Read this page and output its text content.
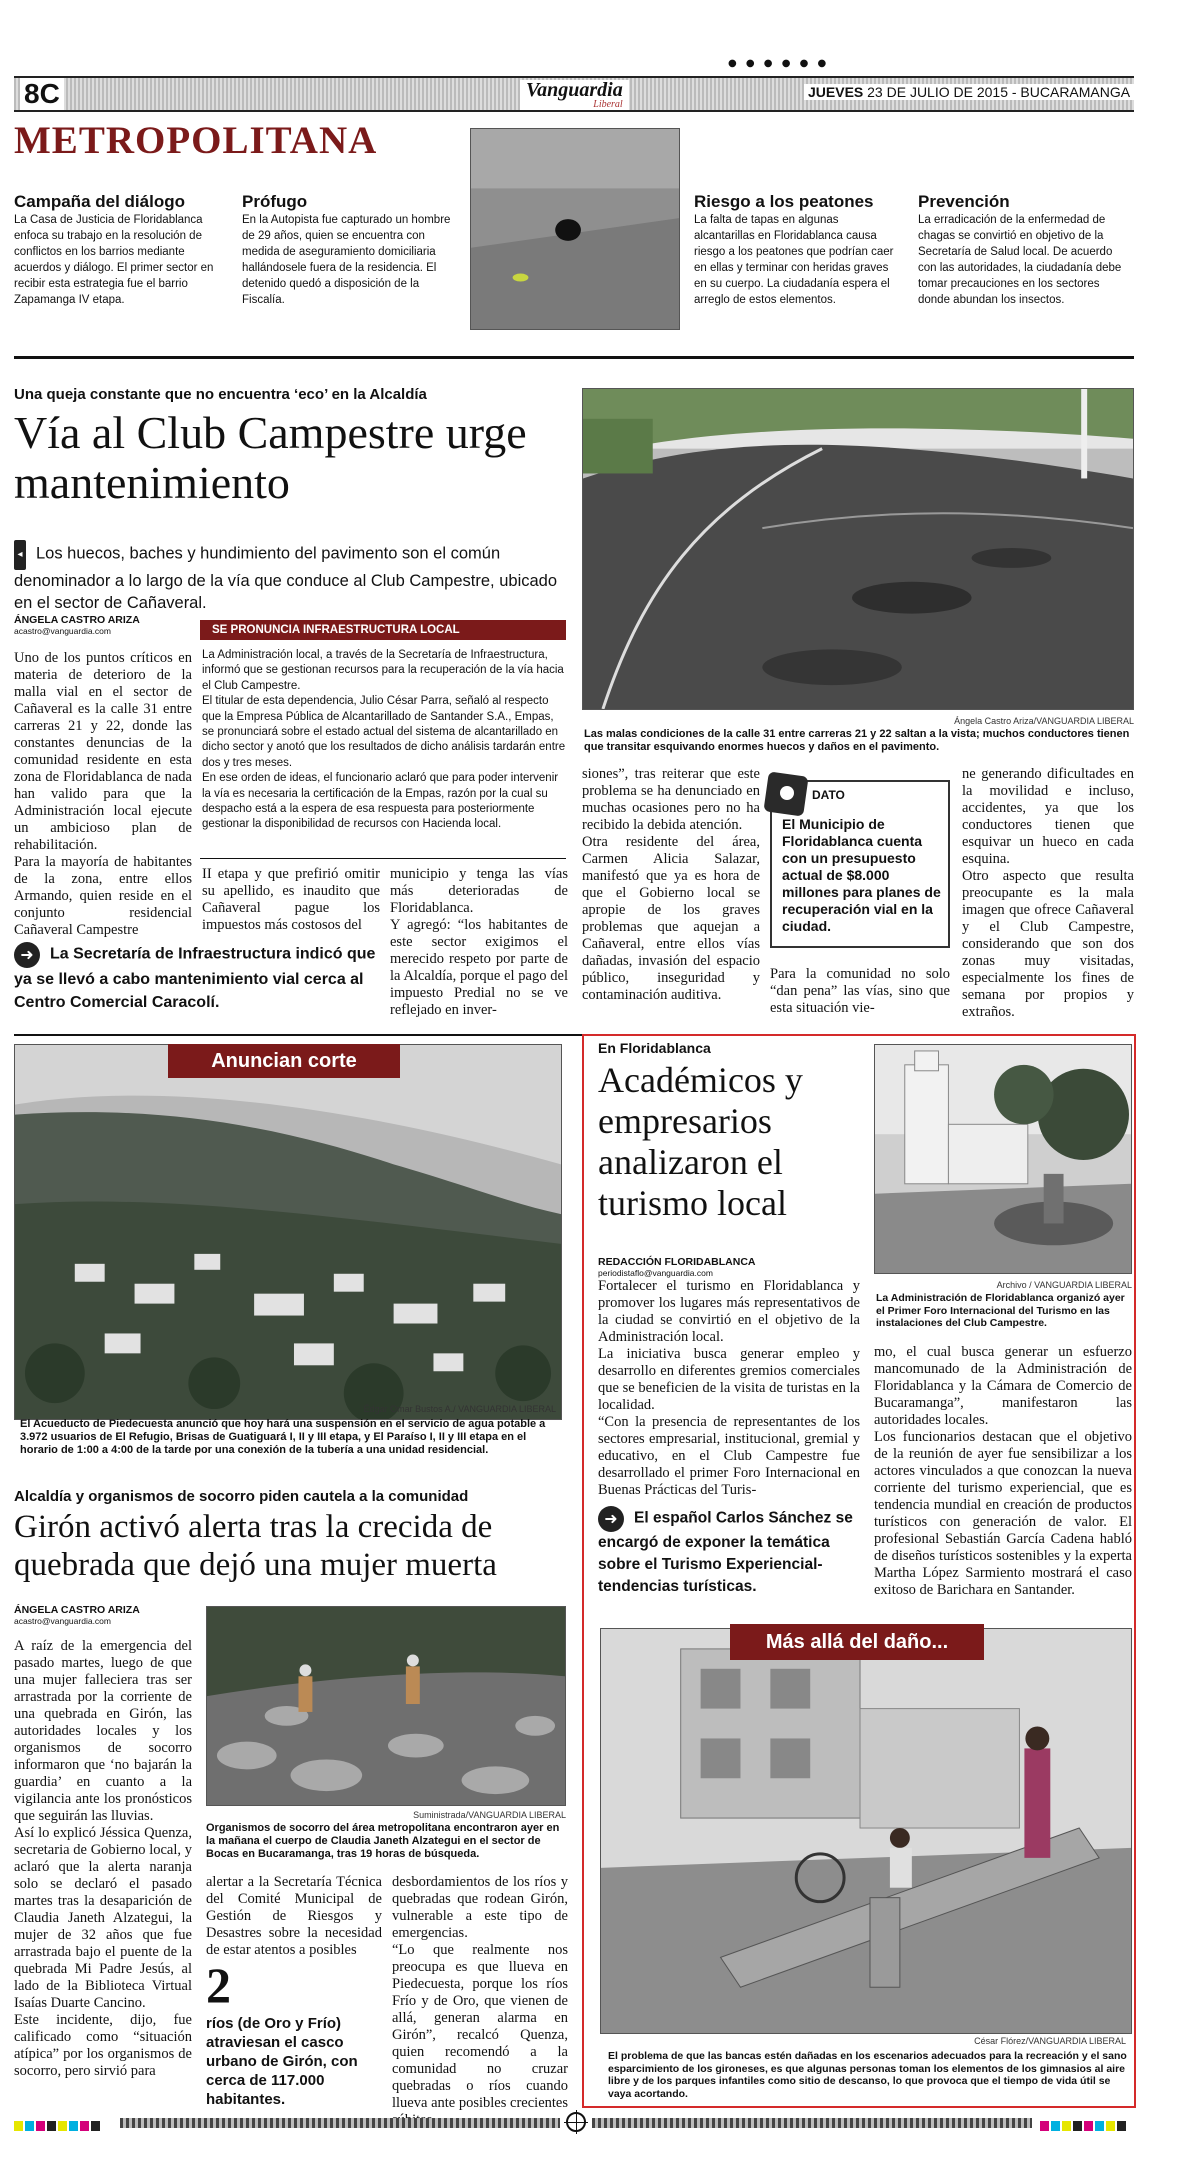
● ● ● ● ● ●
8C	Vanguardia
Liberal
JUEVES 23 DE JULIO DE 2015 - BUCARAMANGA
METROPOLITANA
Campaña del diálogo
La Casa de Justicia de Floridablanca enfoca su trabajo en la resolución de conflictos en los barrios mediante acuerdos y diálogo. El primer sector en recibir esta estrategia fue el barrio Zapamanga IV etapa.
Prófugo
En la Autopista fue capturado un hombre de 29 años, quien se encuentra con medida de aseguramiento domiciliaria hallándosele fuera de la residencia. El detenido quedó a disposición de la Fiscalía.
Riesgo a los peatones
La falta de tapas en algunas alcantarillas en Floridablanca causa riesgo a los peatones que podrían caer en ellas y terminar con heridas graves en su cuerpo. La ciudadanía espera el arreglo de estos elementos.
Prevención
La erradicación de la enfermedad de chagas se convirtió en objetivo de la Secretaría de Salud local. De acuerdo con las autoridades, la ciudadanía debe tomar precauciones en los sectores donde abundan los insectos.
Una queja constante que no encuentra ‘eco’ en la Alcaldía
Vía al Club Campestre urge mantenimiento
◂ Los huecos, baches y hundimiento del pavimento son el común denominador a lo largo de la vía que conduce al Club Campestre, ubicado en el sector de Cañaveral.
ÁNGELA CASTRO ARIZA
acastro@vanguardia.com
Uno de los puntos críticos en materia de deterioro de la malla vial en el sector de Cañaveral es la calle 31 entre carreras 21 y 22, donde las constantes denuncias de la comunidad residente en esta zona de Floridablanca de nada han valido para que la Administración local ejecute un ambicioso plan de rehabilitación.
Para la mayoría de habitantes de la zona, entre ellos Armando, quien reside en el conjunto residencial Cañaveral Campestre
SE PRONUNCIA INFRAESTRUCTURA LOCAL
La Administración local, a través de la Secretaría de Infraestructura, informó que se gestionan recursos para la recuperación de la vía hacia el Club Campestre.
El titular de esta dependencia, Julio César Parra, señaló al respecto que la Empresa Pública de Alcantarillado de Santander S.A., Empas, se pronunciará sobre el estado actual del sistema de alcantarillado en dicho sector y anotó que los resultados de dicho análisis tardarán entre dos y tres meses.
En ese orden de ideas, el funcionario aclaró que para poder intervenir la vía es necesaria la certificación de la Empas, razón por la cual su despacho está a la espera de esa respuesta para posteriormente gestionar la disponibilidad de recursos con Hacienda local.
II etapa y que prefirió omitir su apellido, es inaudito que Cañaveral pague los impuestos más costosos del
municipio y tenga las vías más deterioradas de Floridablanca.
Y agregó: “los habitantes de este sector exigimos el merecido respeto por parte de la Alcaldía, porque el pago del impuesto Predial no se ve reflejado en inver-
➜ La Secretaría de Infraestructura indicó que ya se llevó a cabo mantenimiento vial cerca al Centro Comercial Caracolí.
Ángela Castro Ariza/VANGUARDIA LIBERAL
Las malas condiciones de la calle 31 entre carreras 21 y 22 saltan a la vista; muchos conductores tienen que transitar esquivando enormes huecos y daños en el pavimento.
siones”, tras reiterar que este problema se ha denunciado en muchas ocasiones pero no ha recibido la debida atención.
Otra residente del área, Carmen Alicia Salazar, manifestó que ya es hora de que el Gobierno local se apropie de los graves problemas que aquejan a Cañaveral, entre ellos vías dañadas, invasión del espacio público, inseguridad y contaminación auditiva.
DATO
El Municipio de Floridablanca cuenta con un presupuesto actual de $8.000 millones para planes de recuperación vial en la ciudad.
Para la comunidad no solo “dan pena” las vías, sino que esta situación vie-
ne generando dificultades en la movilidad e incluso, accidentes, ya que los conductores tienen que esquivar un hueco en cada esquina.
Otro aspecto que resulta preocupante es la mala imagen que ofrece Cañaveral y el Club Campestre, considerando que son dos zonas muy visitadas, especialmente los fines de semana por propios y extraños.
Anuncian corte
Édgar Omar Bustos A./ VANGUARDIA LIBERAL
El Acueducto de Piedecuesta anunció que hoy hará una suspensión en el servicio de agua potable a 3.972 usuarios de El Refugio, Brisas de Guatiguará I, II y III etapa, y El Paraíso I, II y III etapa en el horario de 1:00 a 4:00 de la tarde por una conexión de la tubería a una unidad residencial.
Alcaldía y organismos de socorro piden cautela a la comunidad
Girón activó alerta tras la crecida de quebrada que dejó una mujer muerta
ÁNGELA CASTRO ARIZA
acastro@vanguardia.com
A raíz de la emergencia del pasado martes, luego de que una mujer falleciera tras ser arrastrada por la corriente de una quebrada en Girón, las autoridades locales y los organismos de socorro informaron que ‘no bajarán la guardia’ en cuanto a la vigilancia ante los pronósticos que seguirán las lluvias.
Así lo explicó Jéssica Quenza, secretaria de Gobierno local, y aclaró que la alerta naranja solo se declaró el pasado martes tras la desaparición de Claudia Janeth Alzategui, la mujer de 32 años que fue arrastrada bajo el puente de la quebrada Mi Padre Jesús, al lado de la Biblioteca Virtual Isaías Duarte Cancino.
Este incidente, dijo, fue calificado como “situación atípica” por los organismos de socorro, pero sirvió para
Suministrada/VANGUARDIA LIBERAL
Organismos de socorro del área metropolitana encontraron ayer en la mañana el cuerpo de Claudia Janeth Alzategui en el sector de Bocas en Bucaramanga, tras 19 horas de búsqueda.
alertar a la Secretaría Técnica del Comité Municipal de Gestión de Riesgos y Desastres sobre la necesidad de estar atentos a posibles
2
ríos (de Oro y Frío) atraviesan el casco urbano de Girón, con cerca de 117.000 habitantes.
desbordamientos de los ríos y quebradas que rodean Girón, vulnerable a este tipo de emergencias.
“Lo que realmente nos preocupa es que llueva en Piedecuesta, porque los ríos Frío y de Oro, que vienen de allá, generan alarma en Girón”, recalcó Quenza, quien recomendó a la comunidad no cruzar quebradas o ríos cuando llueva ante posibles crecientes
En Floridablanca
Académicos y empresarios analizaron el turismo local
REDACCIÓN FLORIDABLANCA
periodistaflo@vanguardia.com
Archivo / VANGUARDIA LIBERAL
La Administración de Floridablanca organizó ayer el Primer Foro Internacional del Turismo en las instalaciones del Club Campestre.
Fortalecer el turismo en Floridablanca y promover los lugares más representativos de la ciudad se convirtió en el objetivo de la Administración local.
La iniciativa busca generar empleo y desarrollo en diferentes gremios comerciales que se beneficien de la visita de turistas en la localidad.
“Con la presencia de representantes de los sectores empresarial, institucional, gremial y educativo, en el Club Campestre fue desarrollado el primer Foro Internacional en Buenas Prácticas del Turis-
➜ El español Carlos Sánchez se encargó de exponer la temática sobre el Turismo Experiencial-tendencias turísticas.
mo, el cual busca generar un esfuerzo mancomunado de la Administración de Floridablanca y la Cámara de Comercio de Bucaramanga”, manifestaron las autoridades locales.
Los funcionarios destacan que el objetivo de la reunión de ayer fue sensibilizar a los actores vinculados a que conozcan la nueva corriente del turismo experiencial, que es tendencia mundial en creación de productos turísticos con generación de valor. El profesional Sebastián García Cadena habló de diseños turísticos sostenibles y la experta Martha López Sarmiento mostrará el caso exitoso de Barichara en Santander.
Más allá del daño...
César Flórez/VANGUARDIA LIBERAL
El problema de que las bancas estén dañadas en los escenarios adecuados para la recreación y el sano esparcimiento de los gironeses, es que algunas personas toman los elementos de los gimnasios al aire libre y de los parques infantiles como sitio de descanso, lo que provoca que el tiempo de vida útil se vaya acortando.
